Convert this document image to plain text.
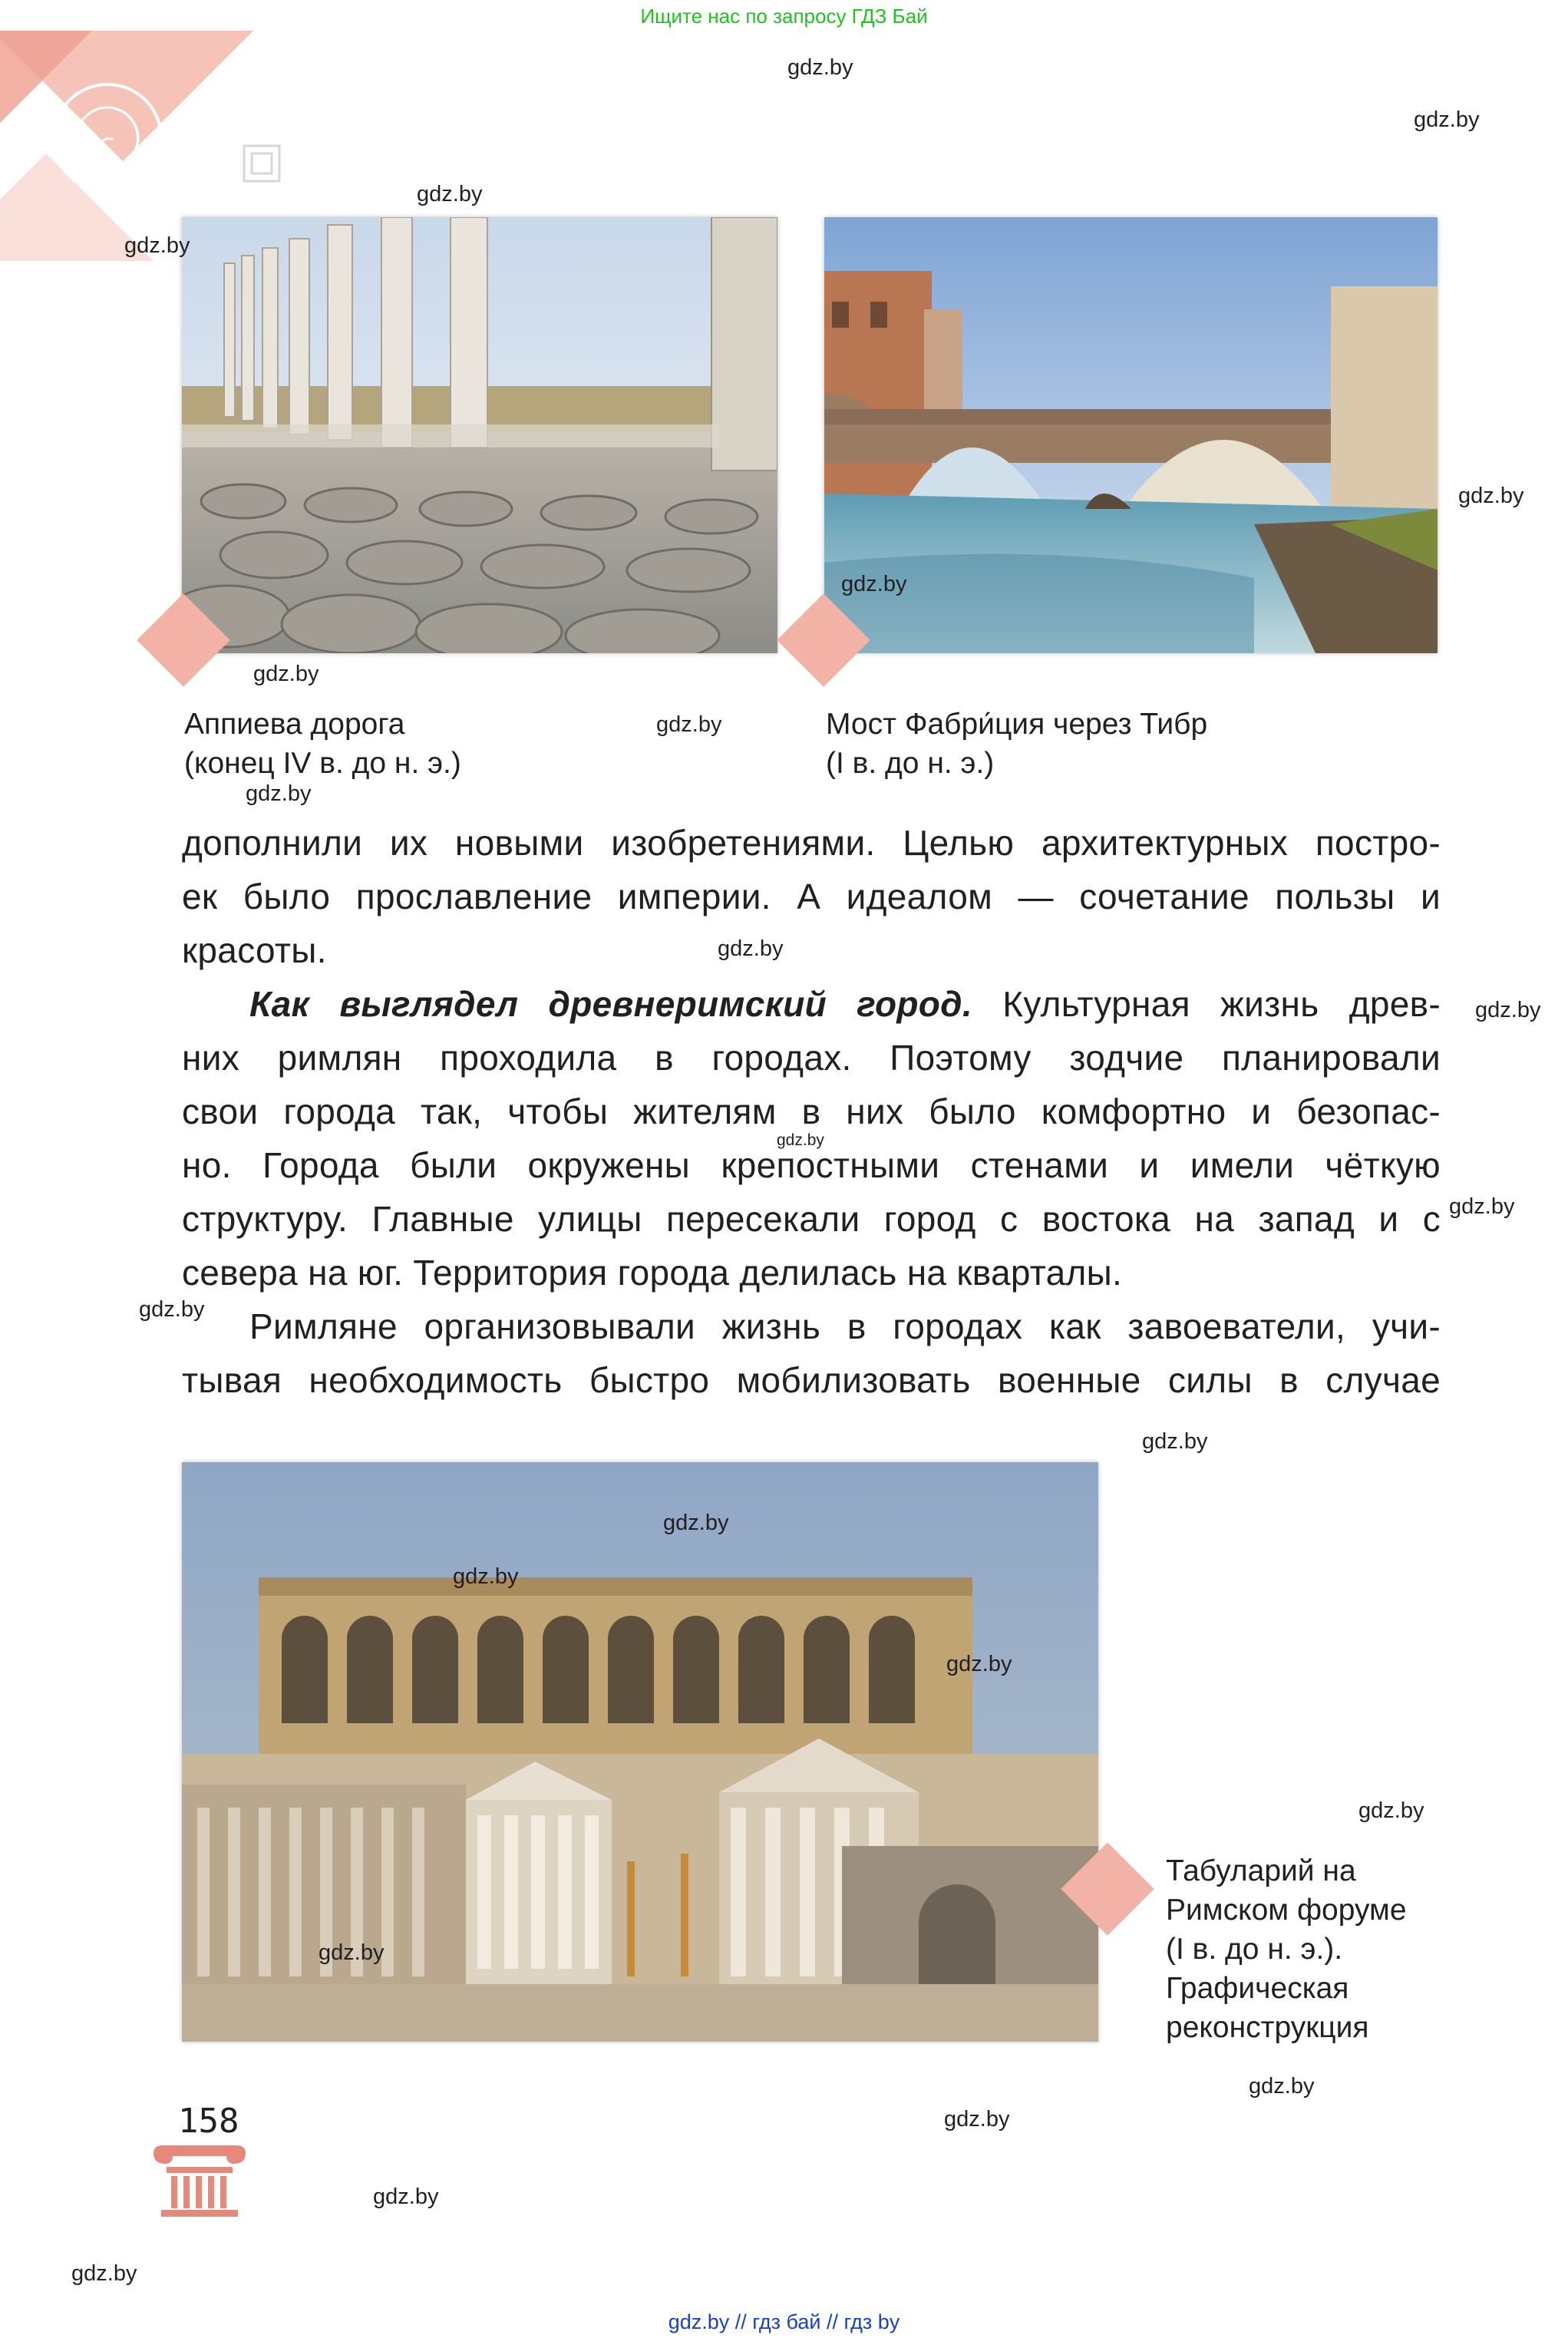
Ищите нас по запросу ГДЗ Бай
Аппиева дорога
(конец IV в. до н. э.)
Мост Фабри́ция через Тибр
(I в. до н. э.)
Табуларий на
Римском форуме
(I в. до н. э.).
Графическая
реконструкция
дополнили их новыми изобретениями. Целью архитектурных постро-
ек было прославление империи. А идеалом — сочетание пользы и
красоты.
Как выглядел древнеримский город. Культурная жизнь древ-
них римлян проходила в городах. Поэтому зодчие планировали
свои города так, чтобы жителям в них было комфортно и безопас-
но. Города были окружены крепостными стенами и имели чёткую
структуру. Главные улицы пересекали город с востока на запад и с
севера на юг. Территория города делилась на кварталы.
Римляне организовывали жизнь в городах как завоеватели, учи-
тывая необходимость быстро мобилизовать военные силы в случае
158
gdz.by
gdz.by
gdz.by
gdz.by
gdz.by
gdz.by
gdz.by
gdz.by
gdz.by
gdz.by
gdz.by
gdz.by
gdz.by
gdz.by
gdz.by
gdz.by
gdz.by
gdz.by
gdz.by
gdz.by
gdz.by
gdz.by
gdz.by
gdz.by
gdz.by // гдз бай // гдз by
